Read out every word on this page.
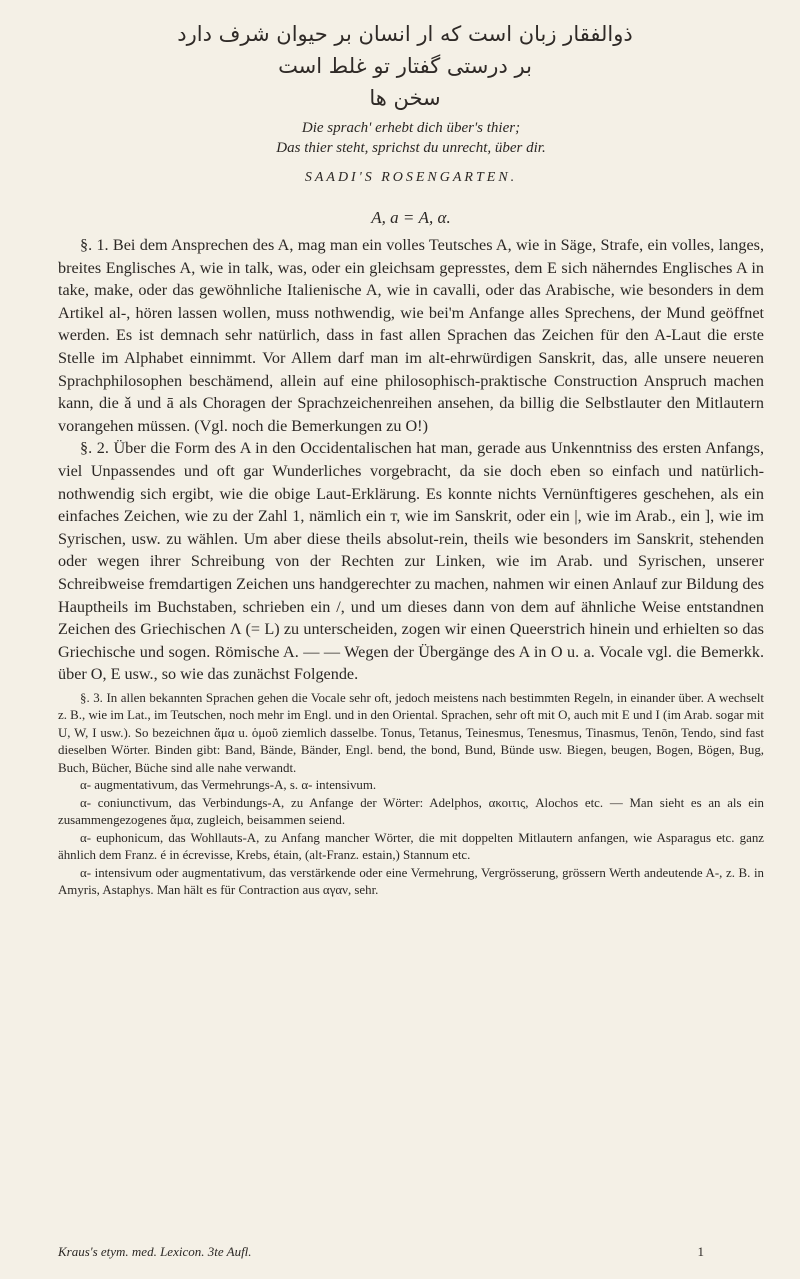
ذوالفقار زبان است که ار انسان بر حیوان شرف دارد
بر درستی گفتار تو غلط است
سخن ها
Die sprach' erhebt dich über's thier;
Das thier steht, sprichst du unrecht, über dir.
SAADI'S ROSENGARTEN.
A, a = Α, α.

§. 1. Bei dem Ansprechen des A, mag man ein volles Teutsches A, wie in Säge, Strafe, ein volles, langes, breites Englisches A, wie in talk, was, oder ein gleichsam gepresstes, dem E sich näherndes Englisches A in take, make, oder das gewöhnliche Italienische A, wie in cavalli, oder das Arabische, wie besonders in dem Artikel al-, hören lassen wollen, muss nothwendig, wie bei'm Anfange alles Sprechens, der Mund geöffnet werden. Es ist demnach sehr natürlich, dass in fast allen Sprachen das Zeichen für den A-Laut die erste Stelle im Alphabet einnimmt. Vor Allem darf man im alt-ehrwürdigen Sanskrit, das, alle unsere neueren Sprachphilosophen beschämend, allein auf eine philosophisch-praktische Construction Anspruch machen kann, die ǎ und ā als Choragen der Sprachzeichenreihen ansehen, da billig die Selbstlauter den Mitlautern vorangehen müssen. (Vgl. noch die Bemerkungen zu O!)

§. 2. Über die Form des A in den Occidentalischen hat man, gerade aus Unkenntniss des ersten Anfangs, viel Unpassendes und oft gar Wunderliches vorgebracht, da sie doch eben so einfach und natürlich-nothwendig sich ergibt, wie die obige Laut-Erklärung. Es konnte nichts Vernünftigeres geschehen, als ein einfaches Zeichen, wie zu der Zahl 1, nämlich ein т, wie im Sanskrit, oder ein |, wie im Arab., ein ], wie im Syrischen, usw. zu wählen. Um aber diese theils absolut-rein, theils wie besonders im Sanskrit, stehenden oder wegen ihrer Schreibung von der Rechten zur Linken, wie im Arab. und Syrischen, unserer Schreibweise fremdartigen Zeichen uns handgerechter zu machen, nahmen wir einen Anlauf zur Bildung des Hauptheils im Buchstaben, schrieben ein /, und um dieses dann von dem auf ähnliche Weise entstandnen Zeichen des Griechischen Λ (= L) zu unterscheiden, zogen wir einen Queerstrich hinein und erhielten so das Griechische und sogen. Römische A. — — Wegen der Übergänge des A in O u. a. Vocale vgl. die Bemerkk. über O, E usw., so wie das zunächst Folgende.

§. 3. In allen bekannten Sprachen gehen die Vocale sehr oft, jedoch meistens nach bestimmten Regeln, in einander über. A wechselt z. B., wie im Lat., im Teutschen, noch mehr im Engl. und in den Oriental. Sprachen, sehr oft mit O, auch mit E und I (im Arab. sogar mit U, W, I usw.). So bezeichnen ἅμα u. ὁμοῦ ziemlich dasselbe. Tonus, Tetanus, Teinesmus, Tenesmus, Tinasmus, Tenōn, Tendo, sind fast dieselben Wörter. Binden gibt: Band, Bände, Bänder, Engl. bend, the bond, Bund, Bünde usw. Biegen, beugen, Bogen, Bögen, Bug, Buch, Bücher, Büche sind alle nahe verwandt.

α- augmentativum, das Vermehrungs-A, s. α- intensivum.

α- coniunctivum, das Verbindungs-A, zu Anfange der Wörter: Adelphos, ακοιτις, Alochos etc. — Man sieht es an als ein zusammengezogenes ἅμα, zugleich, beisammen seiend.

α- euphonicum, das Wohllauts-A, zu Anfang mancher Wörter, die mit doppelten Mitlautern anfangen, wie Asparagus etc. ganz ähnlich dem Franz. é in écrevisse, Krebs, étain, (alt-Franz. estain,) Stannum etc.

α- intensivum oder augmentativum, das verstärkende oder eine Vermehrung, Vergrösserung, grössern Werth andeutende A-, z. B. in Amyris, Astaphys. Man hält es für Contraction aus αγαν, sehr.

Kraus's etym. med. Lexicon. 3te Aufl.	1
